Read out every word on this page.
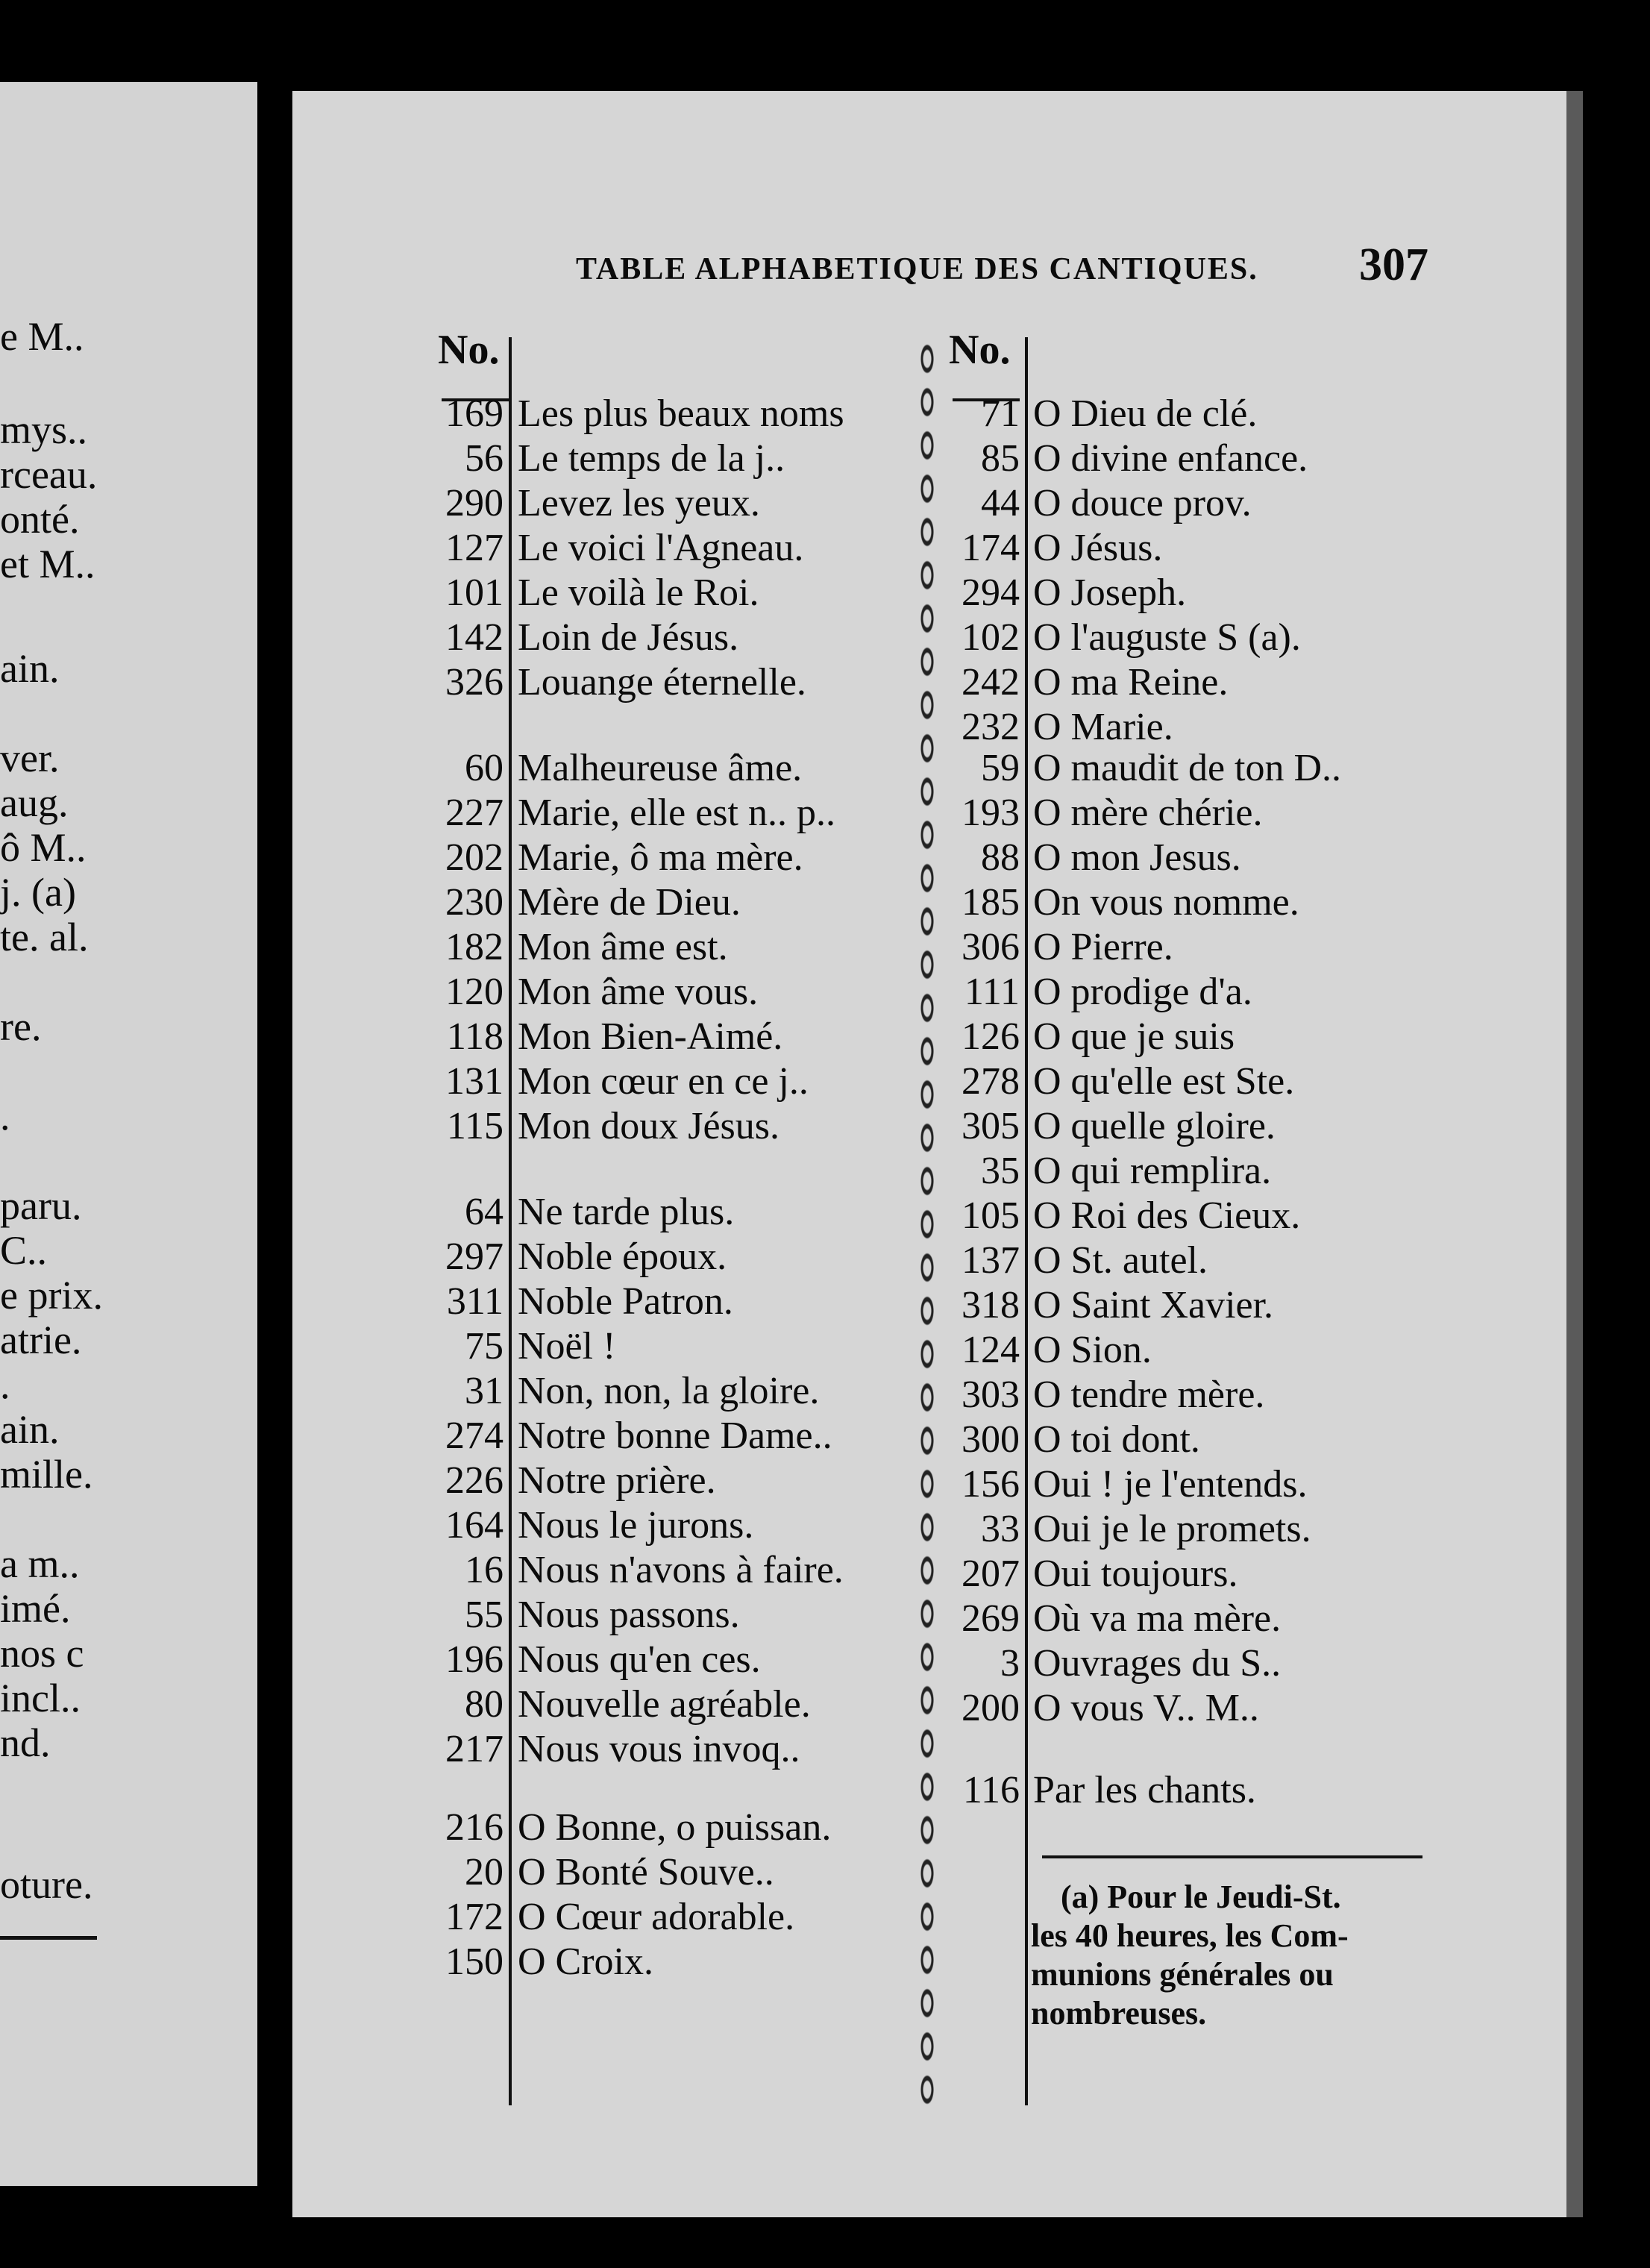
e M..
mys..
rceau.
onté.
et M..
ain.
ver.
aug.
ô M..
j. (a)
te. al.
re.
.
paru.
C..
e prix.
atrie.
.
ain.
mille.
a m..
imé.
nos c
incl..
nd.
oture.
TABLE ALPHABETIQUE DES CANTIQUES. 307
No.	No.
169 Les plus beaux noms
56 Le temps de la j..
290 Levez les yeux.
127 Le voici l'Agneau.
101 Le voilà le Roi.
142 Loin de Jésus.
326 Louange éternelle.
60 Malheureuse âme.
227 Marie, elle est n.. p..
202 Marie, ô ma mère.
230 Mère de Dieu.
182 Mon âme est.
120 Mon âme vous.
118 Mon Bien-Aimé.
131 Mon cœur en ce j..
115 Mon doux Jésus.
64 Ne tarde plus.
297 Noble époux.
311 Noble Patron.
75 Noël !
31 Non, non, la gloire.
274 Notre bonne Dame..
226 Notre prière.
164 Nous le jurons.
16 Nous n'avons à faire.
55 Nous passons.
196 Nous qu'en ces.
80 Nouvelle agréable.
217 Nous vous invoq..
216 O Bonne, o puissan.
20 O Bonté Souve..
172 O Cœur adorable.
150 O Croix.
71 O Dieu de clé.
85 O divine enfance.
44 O douce prov.
174 O Jésus.
294 O Joseph.
102 O l'auguste S (a).
242 O ma Reine.
232 O Marie.
59 O maudit de ton D..
193 O mère chérie.
88 O mon Jesus.
185 On vous nomme.
306 O Pierre.
111 O prodige d'a.
126 O que je suis
278 O qu'elle est Ste.
305 O quelle gloire.
35 O qui remplira.
105 O Roi des Cieux.
137 O St. autel.
318 O Saint Xavier.
124 O Sion.
303 O tendre mère.
300 O toi dont.
156 Oui ! je l'entends.
33 Oui je le promets.
207 Oui toujours.
269 Où va ma mère.
3 Ouvrages du S..
200 O vous V.. M..
116 Par les chants.
(a) Pour le Jeudi-St.
les 40 heures, les Com-
munions générales ou
nombreuses.
